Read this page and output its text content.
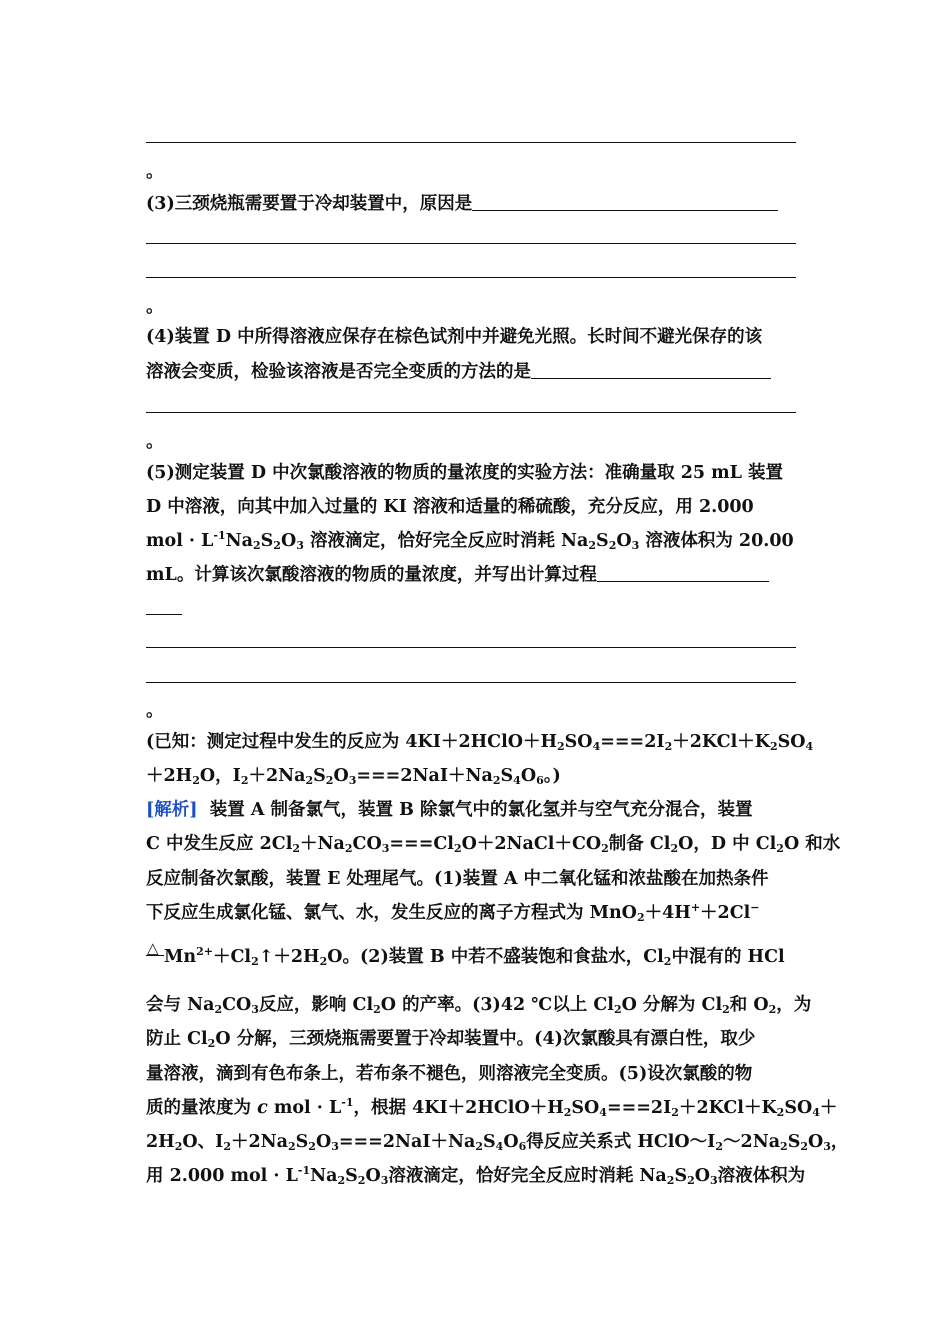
。
(3)三颈烧瓶需要置于冷却装置中，原因是
。
(4)装置 D 中所得溶液应保存在棕色试剂中并避免光照。长时间不避光保存的该
溶液会变质，检验该溶液是否完全变质的方法的是
。
(5)测定装置 D 中次氯酸溶液的物质的量浓度的实验方法：准确量取 25 mL 装置
D 中溶液，向其中加入过量的 KI 溶液和适量的稀硫酸，充分反应，用 2.000
mol · $L^{-1}Na_2S_2O_3$ 溶液滴定，恰好完全反应时消耗 $Na_2S_2O_3$ 溶液体积为 20.00
mL。计算该次氯酸溶液的物质的量浓度，并写出计算过程
。
(已知：测定过程中发生的反应为 $4KI+2HClO+H_2SO_4===2I_2+2KCl+K_2SO_4$
$+2H_2O$，$I_2+2Na_2S_2O_3===2NaI+Na_2S_4O_6$。)
[解析] 装置 A 制备氯气，装置 B 除氯气中的氯化氢并与空气充分混合，装置
C 中发生反应 $2Cl_2+Na_2CO_3===Cl_2O+2NaCl+CO_2$制备 $Cl_2O$，D 中 $Cl_2O$ 和水
反应制备次氯酸，装置 E 处理尾气。(1)装置 A 中二氧化锰和浓盐酸在加热条件
下反应生成氯化锰、氯气、水，发生反应的离子方程式为 MnO$_2$＋4H+＋2Cl−
△ $Mn^{2+}+Cl_2↑+2H_2O$。(2)装置 B 中若不盛装饱和食盐水，$Cl_2$中混有的 HCl
会与 $Na_2CO_3$反应，影响 $Cl_2O$ 的产率。(3)42 ℃以上 $Cl_2O$ 分解为 $Cl_2$和 $O_2$，为
防止 $Cl_2O$ 分解，三颈烧瓶需要置于冷却装置中。(4)次氯酸具有漂白性，取少
量溶液，滴到有色布条上，若布条不褪色，则溶液完全变质。(5)设次氯酸的物
质的量浓度为 c mol · $L^{-1}$，根据 $4KI+2HClO+H_2SO_4===2I_2+2KCl+K_2SO_4+$
$2H_2O$、$I_2+2Na_2S_2O_3===2NaI+Na_2S_4O_6$得反应关系式 $HClO\sim I_2\sim 2Na_2S_2O_3$，
用 2.000 mol · $L^{-1}Na_2S_2O_3$溶液滴定，恰好完全反应时消耗 $Na_2S_2O_3$溶液体积为
